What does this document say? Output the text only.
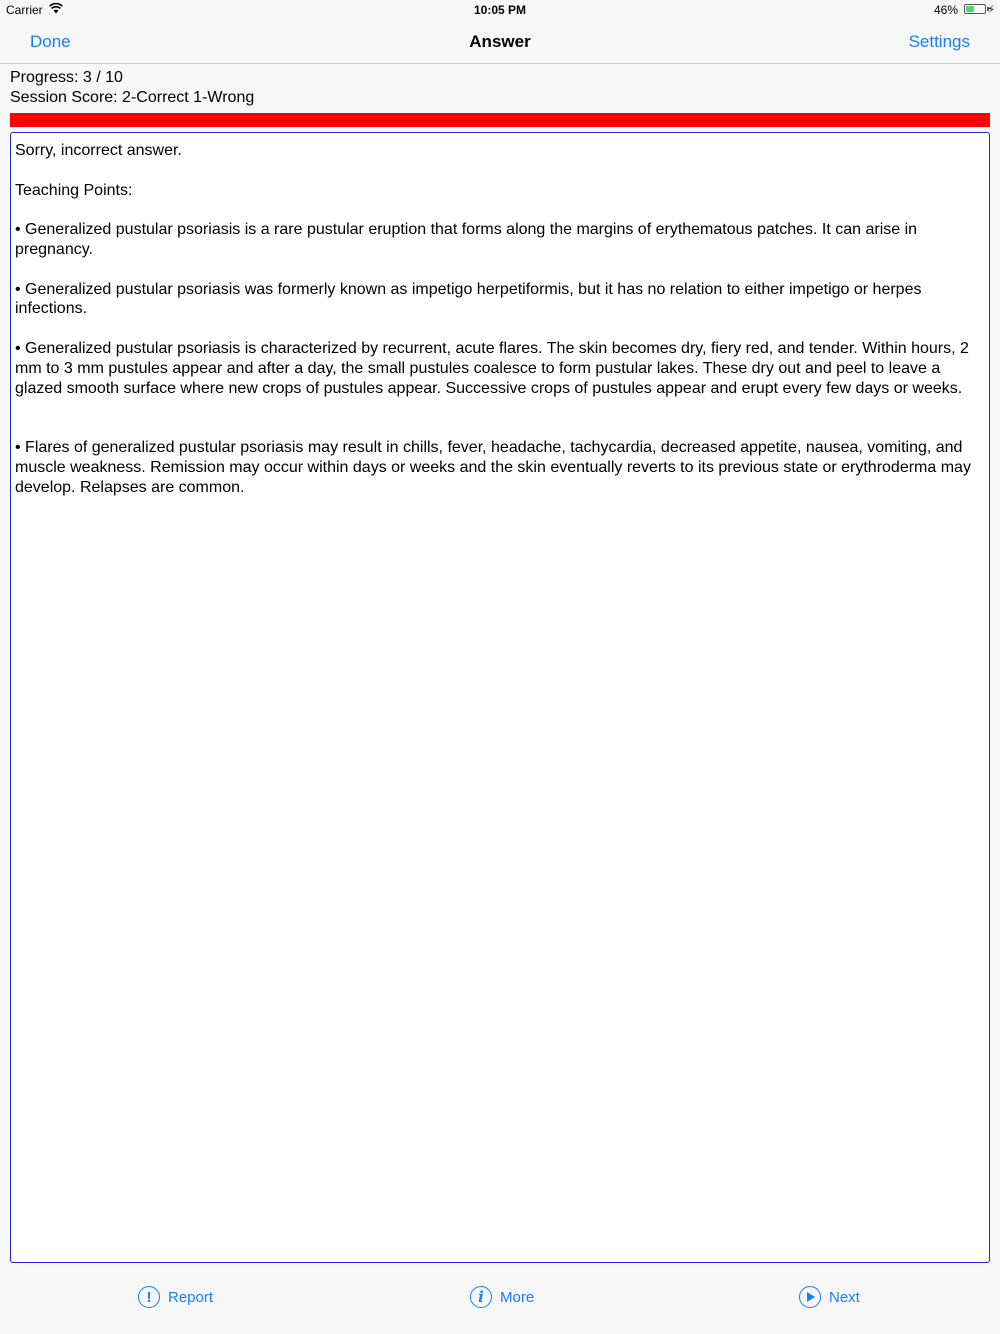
Carrier	10:05 PM	46%	⚡
Done	Answer	Settings
Progress: 3 / 10
Session Score: 2-Correct 1-Wrong

Sorry, incorrect answer.

Teaching Points:

• Generalized pustular psoriasis is a rare pustular eruption that forms along the margins of erythematous patches. It can arise in pregnancy.

• Generalized pustular psoriasis was formerly known as impetigo herpetiformis, but it has no relation to either impetigo or herpes infections.

• Generalized pustular psoriasis is characterized by recurrent, acute flares. The skin becomes dry, fiery red, and tender. Within hours, 2 mm to 3 mm pustules appear and after a day, the small pustules coalesce to form pustular lakes. These dry out and peel to leave a glazed smooth surface where new crops of pustules appear. Successive crops of pustules appear and erupt every few days or weeks.

• Flares of generalized pustular psoriasis may result in chills, fever, headache, tachycardia, decreased appetite, nausea, vomiting, and muscle weakness. Remission may occur within days or weeks and the skin eventually reverts to its previous state or erythroderma may develop. Relapses are common.

!	Report	i	More	Next
